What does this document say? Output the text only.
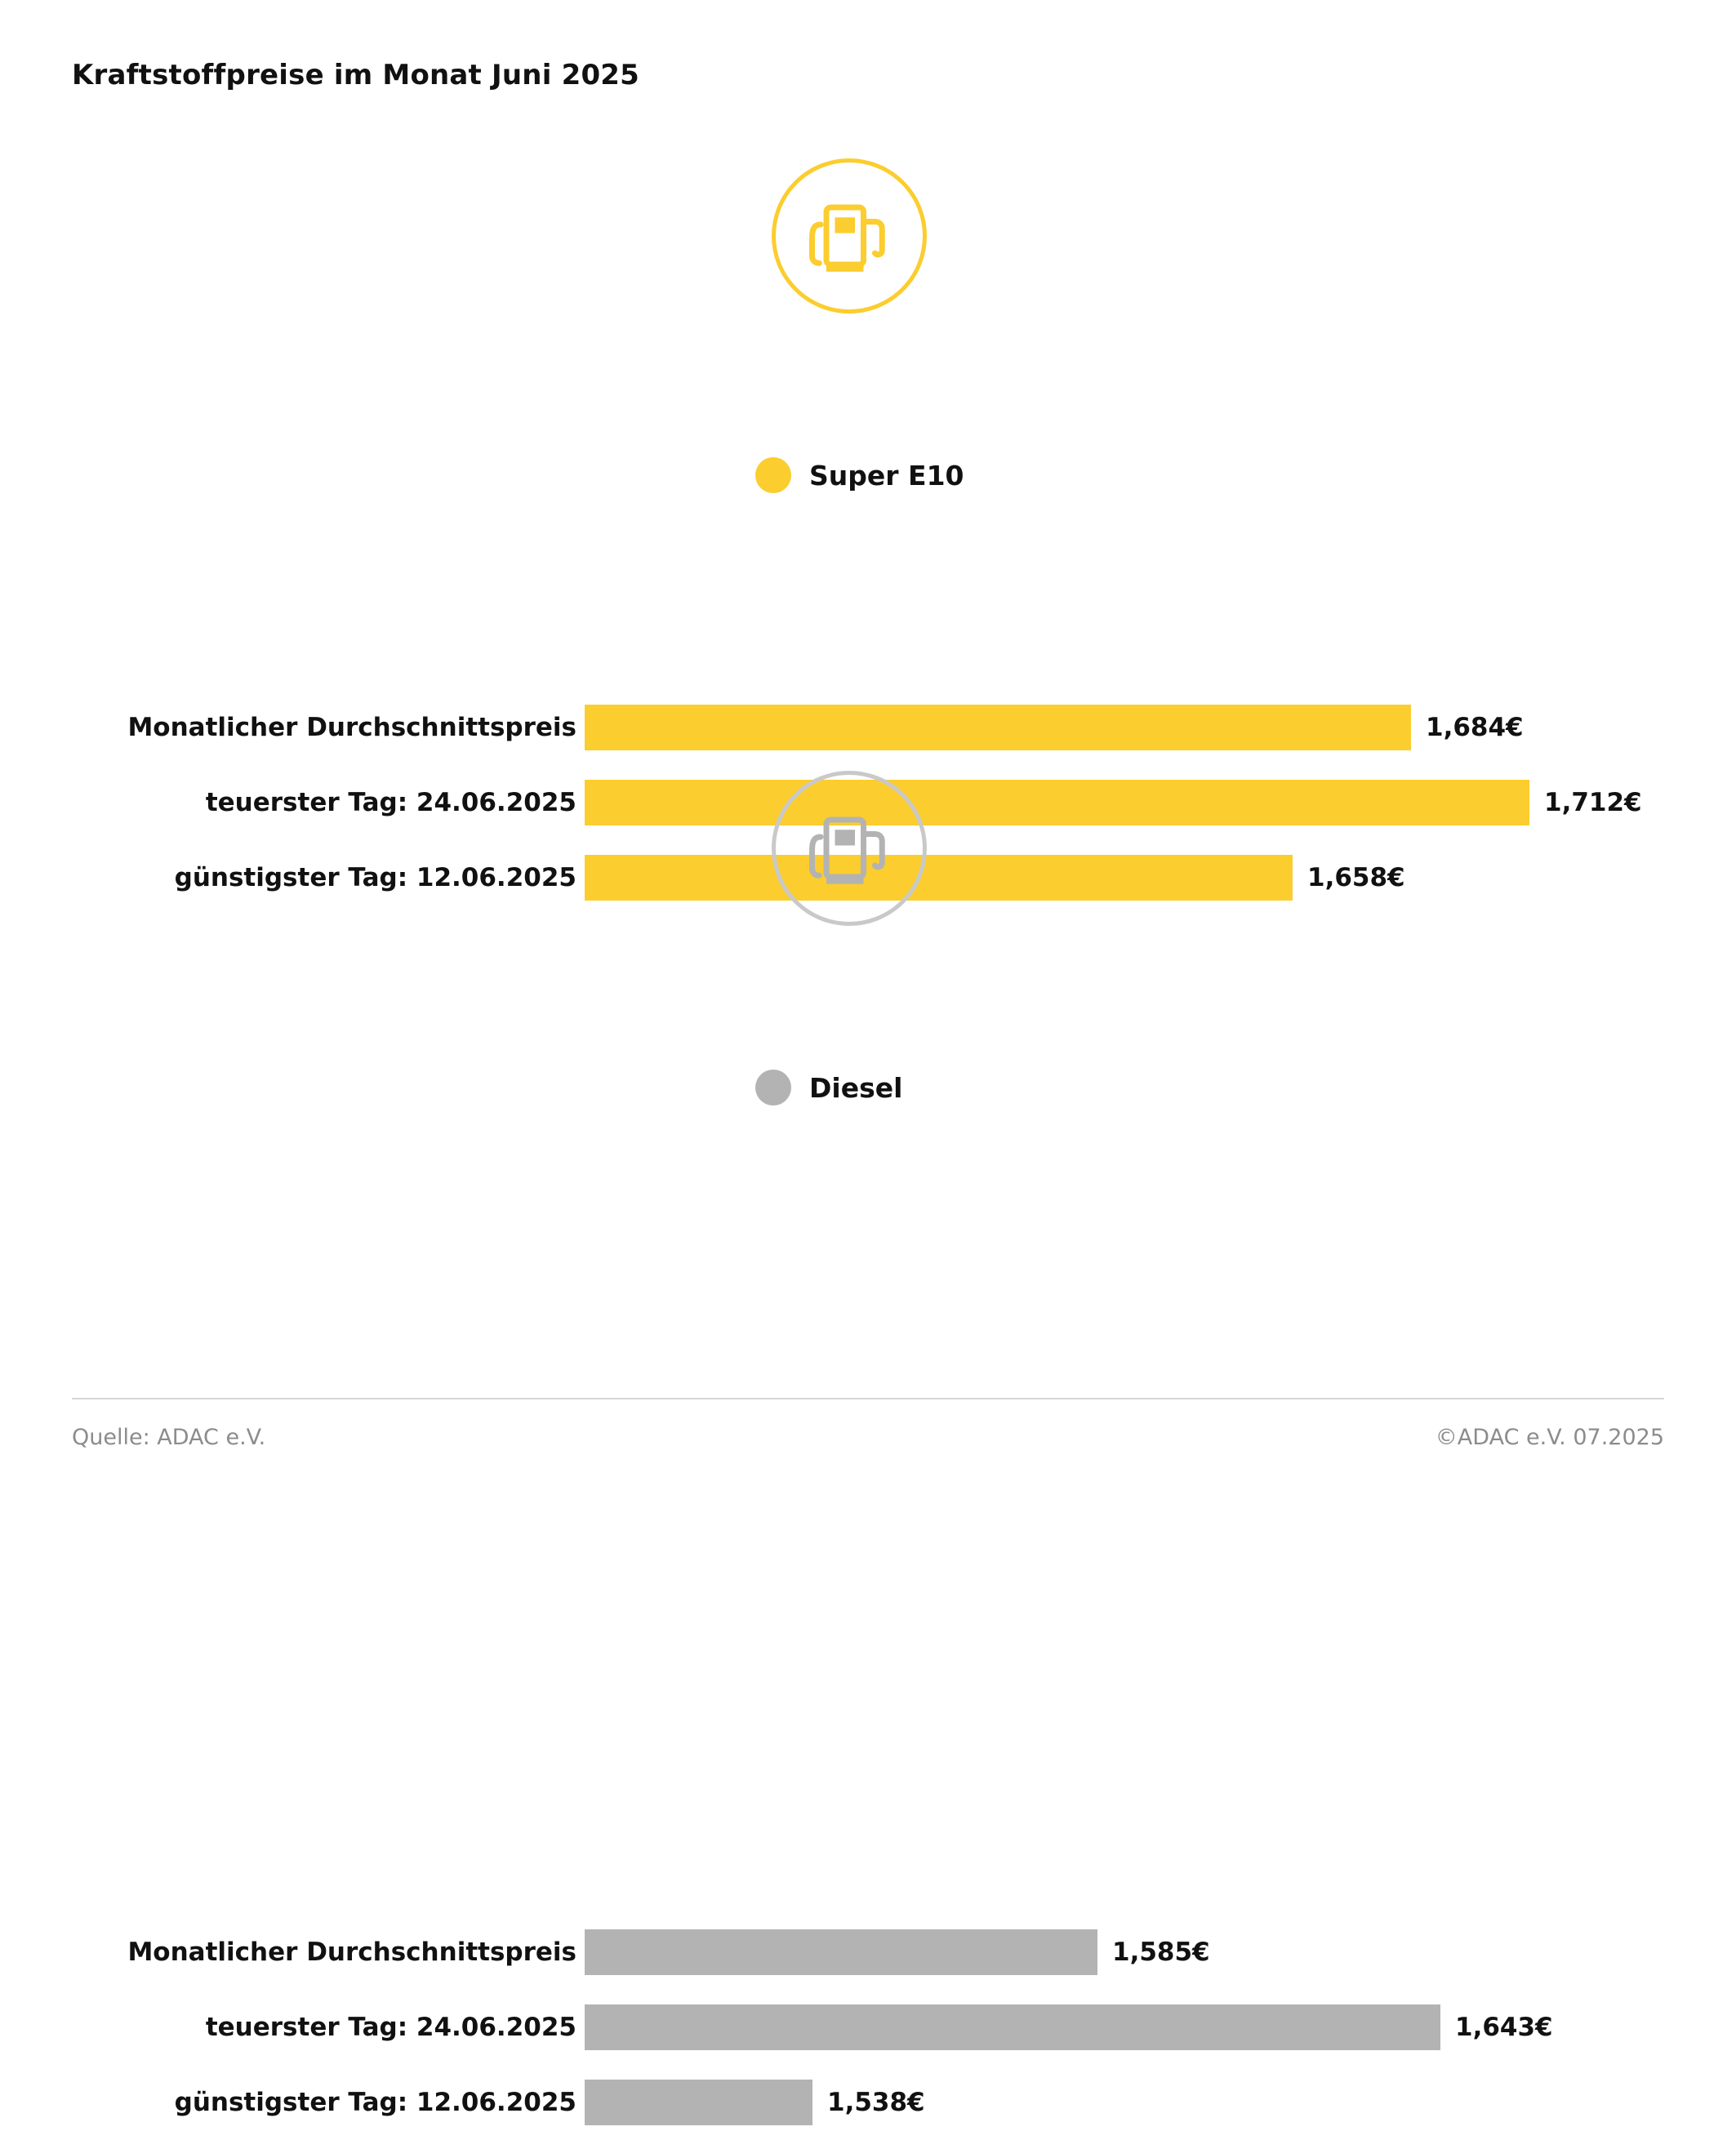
Kraftstoffpreise im Monat Juni 2025
Super E10
Monatlicher Durchschnittspreis	1,684€
teuerster Tag: 24.06.2025	1,712€
günstigster Tag: 12.06.2025	1,658€
Diesel
Monatlicher Durchschnittspreis	1,585€
teuerster Tag: 24.06.2025	1,643€
günstigster Tag: 12.06.2025	1,538€
Quelle: ADAC e.V.	©ADAC e.V. 07.2025
